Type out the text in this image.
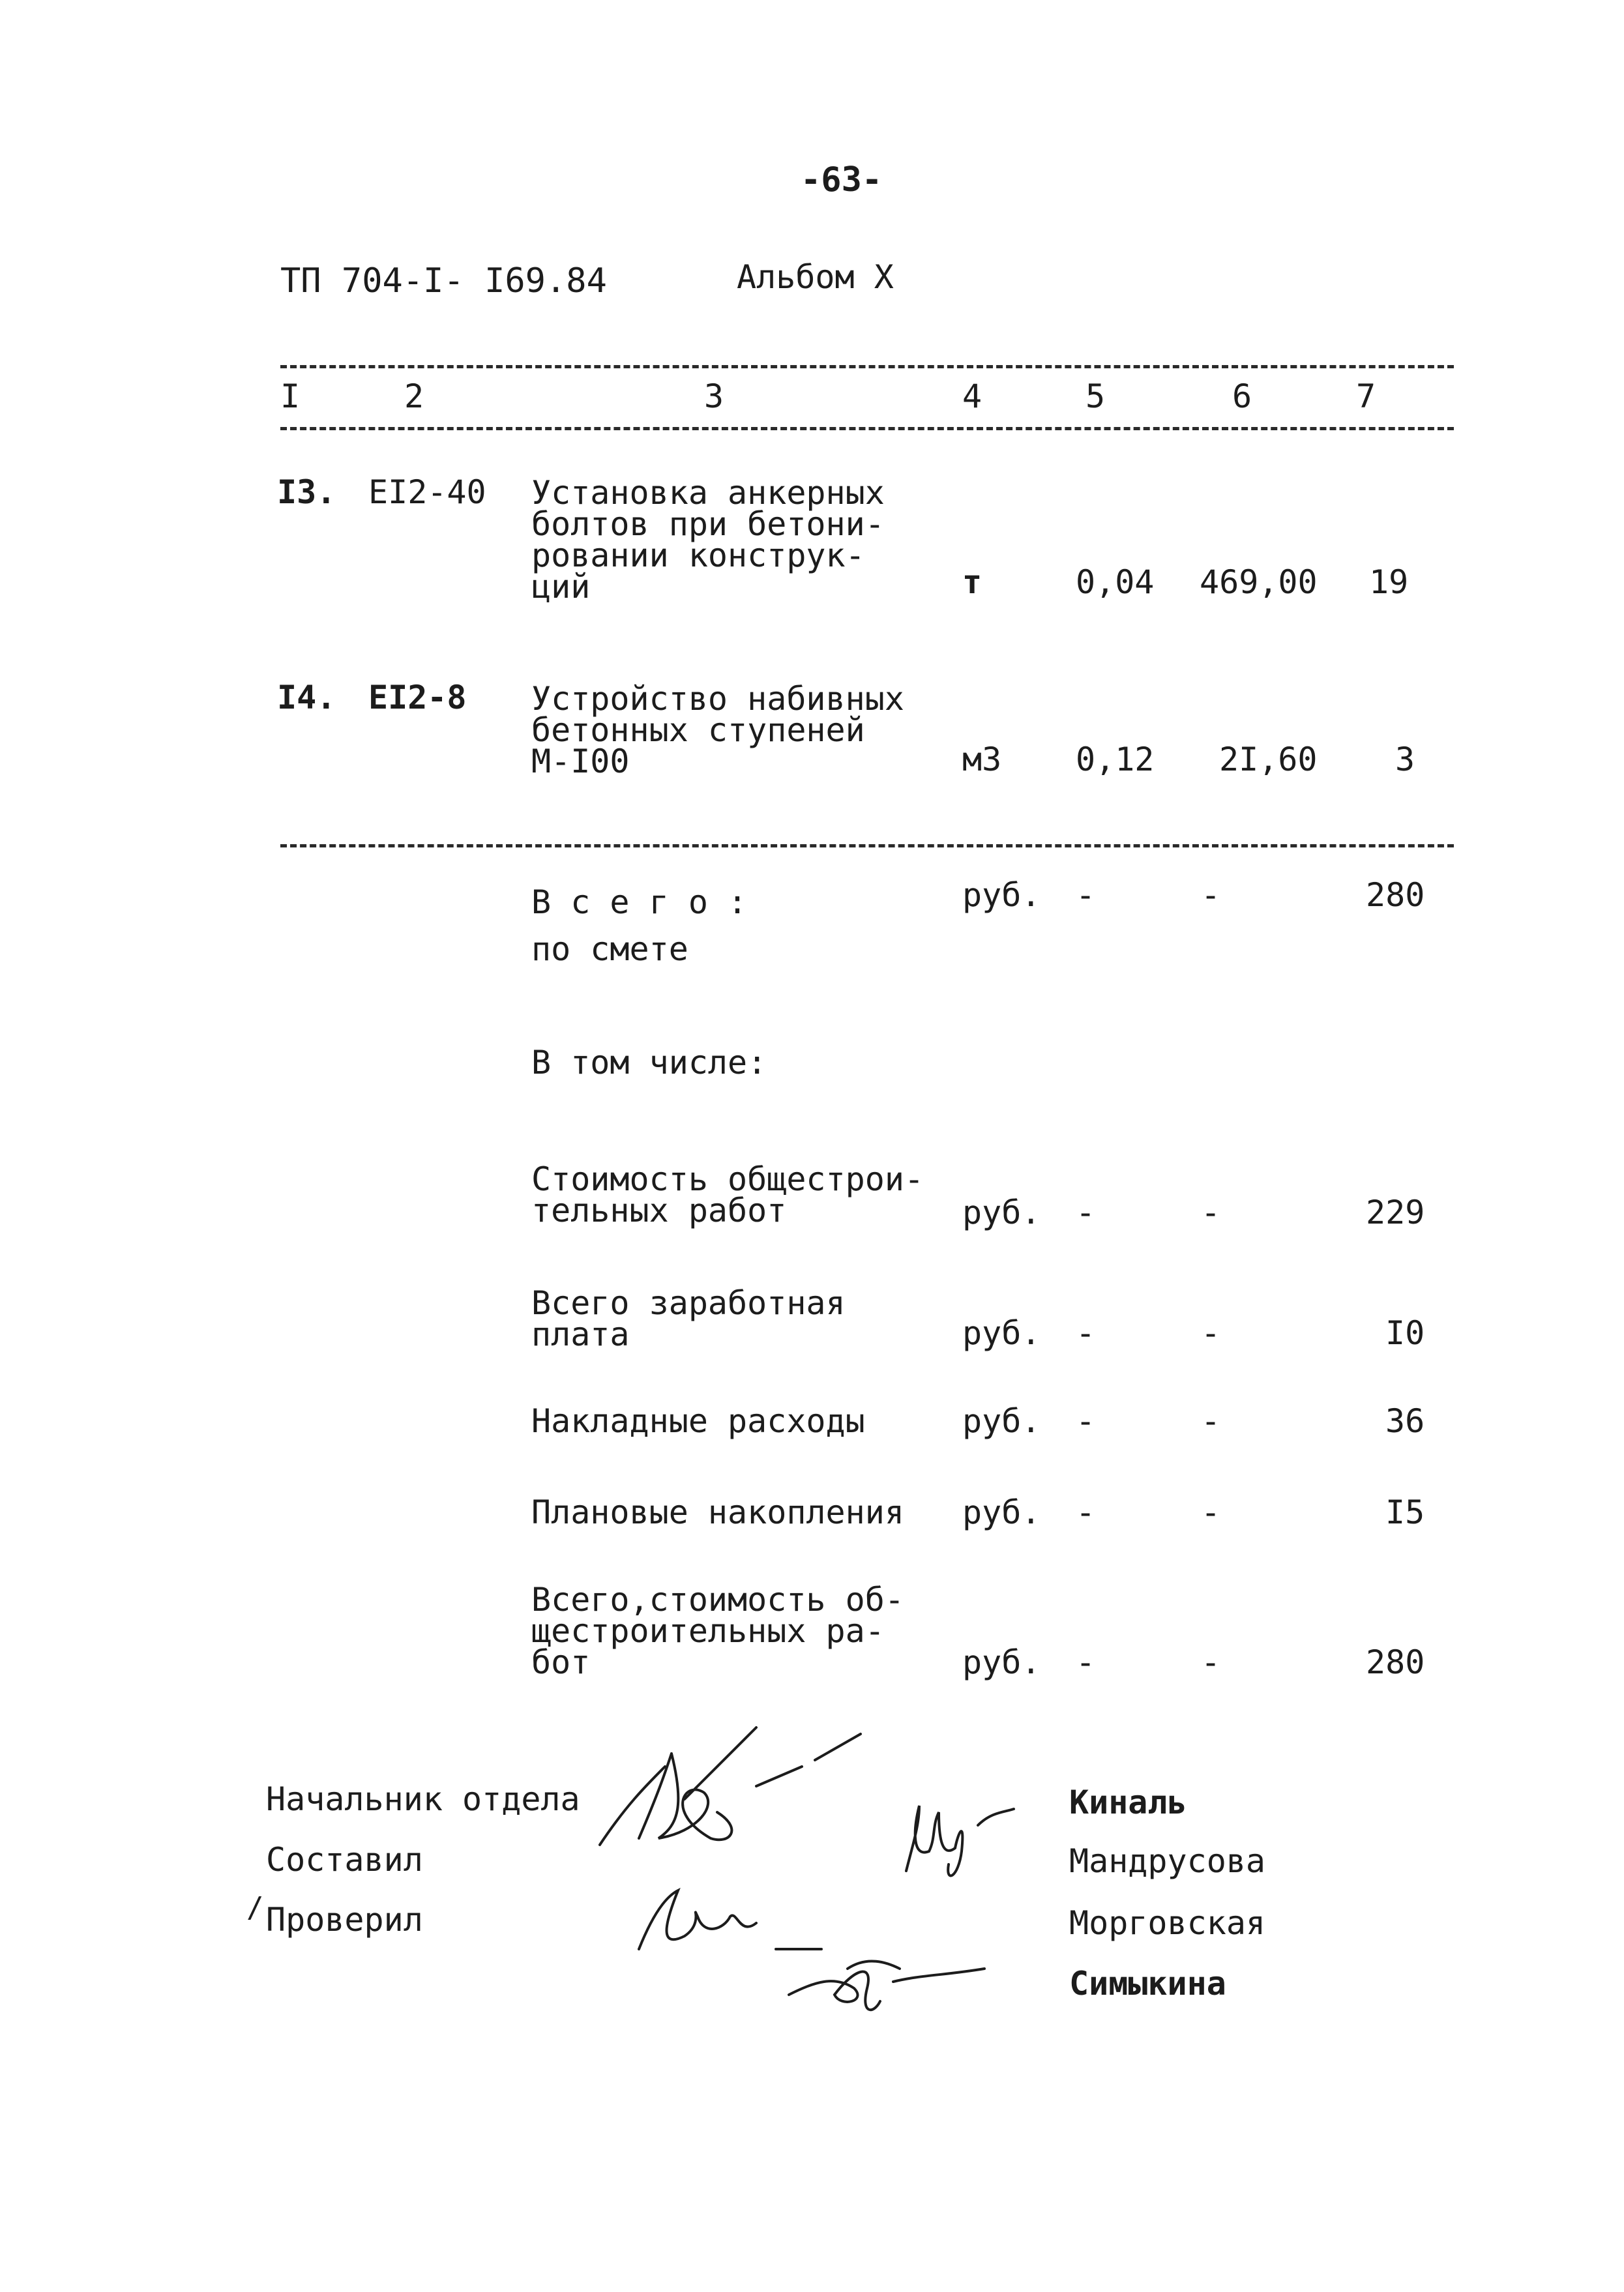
-63-
ТП 704-I- I69.84	Альбом X
I	2	3	4	5	6	7
I3. EI2-40 Установка анкерных
болтов при бетони-
ровании конструк-
ций	т	0,04 469,00 19
I4. EI2-8 Устройство набивных
бетонных ступеней
М-I00	м3 0,12 2I,60 3
В с е г о :
по смете
руб. -	-	280
В том числе:
Стоимость общестрои-
тельных работ	руб. -	-	229
Всего заработная
плата	руб. -	-	I0
Накладные расходы	руб. -	-	36
Плановые накопления руб. -	-	I5
Всего,стоимость об-
щестроительных ра-
бот	руб. -	-	280
Начальник отдела
Составил
Проверил
/
Киналь
Мандрусова
Морговская
Симыкина
